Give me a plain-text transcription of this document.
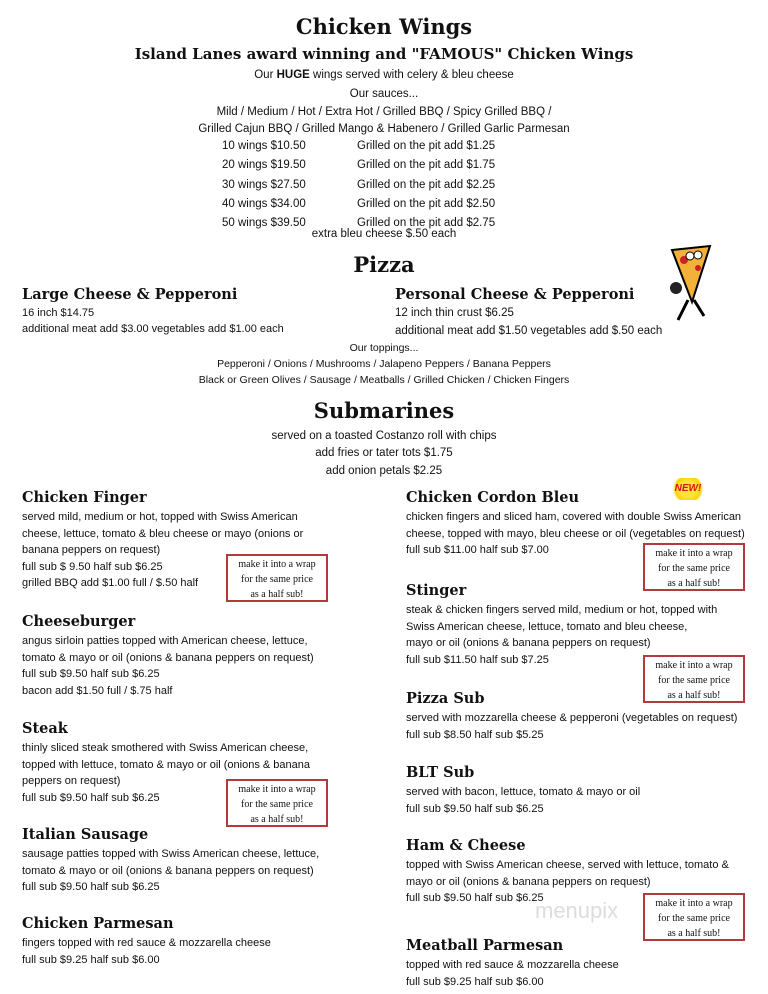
Chicken Wings
Island Lanes award winning and "FAMOUS" Chicken Wings
Our HUGE wings served with celery & bleu cheese
Our sauces...
Mild / Medium / Hot / Extra Hot / Grilled BBQ / Spicy Grilled BBQ /
Grilled Cajun BBQ / Grilled Mango & Habenero / Grilled Garlic Parmesan
10 wings $10.50	Grilled on the pit add $1.25
20 wings $19.50	Grilled on the pit add $1.75
30 wings $27.50	Grilled on the pit add $2.25
40 wings $34.00	Grilled on the pit add $2.50
50 wings $39.50	Grilled on the pit add $2.75
extra bleu cheese $.50 each
Pizza
Large Cheese & Pepperoni
16 inch $14.75
additional meat add $3.00 vegetables add $1.00 each
Personal Cheese & Pepperoni
12 inch thin crust $6.25
additional meat add $1.50 vegetables add $.50 each
Our toppings...
Pepperoni / Onions / Mushrooms / Jalapeno Peppers / Banana Peppers
Black or Green Olives / Sausage / Meatballs / Grilled Chicken / Chicken Fingers
Submarines
served on a toasted Costanzo roll with chips
add fries or tater tots $1.75
add onion petals $2.25
NEW!
Chicken Finger
served mild, medium or hot, topped with Swiss American
cheese, lettuce, tomato & bleu cheese or mayo (onions or
banana peppers on request)
full sub $ 9.50 half sub $6.25
grilled BBQ add $1.00 full / $.50 half
Cheeseburger
angus sirloin patties topped with American cheese, lettuce,
tomato & mayo or oil (onions & banana peppers on request)
full sub $9.50 half sub $6.25
bacon add $1.50 full / $.75 half
Steak
thinly sliced steak smothered with Swiss American cheese,
topped with lettuce, tomato & mayo or oil (onions & banana
peppers on request)
full sub $9.50 half sub $6.25
Italian Sausage
sausage patties topped with Swiss American cheese, lettuce,
tomato & mayo or oil (onions & banana peppers on request)
full sub $9.50 half sub $6.25
Chicken Parmesan
fingers topped with red sauce & mozzarella cheese
full sub $9.25 half sub $6.00
Chicken Cordon Bleu
chicken fingers and sliced ham, covered with double Swiss American
cheese, topped with mayo, bleu cheese or oil (vegetables on request)
full sub $11.00 half sub $7.00
Stinger
steak & chicken fingers served mild, medium or hot, topped with
Swiss American cheese, lettuce, tomato and bleu cheese,
mayo or oil (onions & banana peppers on request)
full sub $11.50 half sub $7.25
Pizza Sub
served with mozzarella cheese & pepperoni (vegetables on request)
full sub $8.50 half sub $5.25
BLT Sub
served with bacon, lettuce, tomato & mayo or oil
full sub $9.50 half sub $6.25
Ham & Cheese
topped with Swiss American cheese, served with lettuce, tomato &
mayo or oil (onions & banana peppers on request)
full sub $9.50 half sub $6.25
Meatball Parmesan
topped with red sauce & mozzarella cheese
full sub $9.25 half sub $6.00
make it into a wrap
for the same price
as a half sub!
make it into a wrap
for the same price
as a half sub!
make it into a wrap
for the same price
as a half sub!
make it into a wrap
for the same price
as a half sub!
make it into a wrap
for the same price
as a half sub!
menupix
